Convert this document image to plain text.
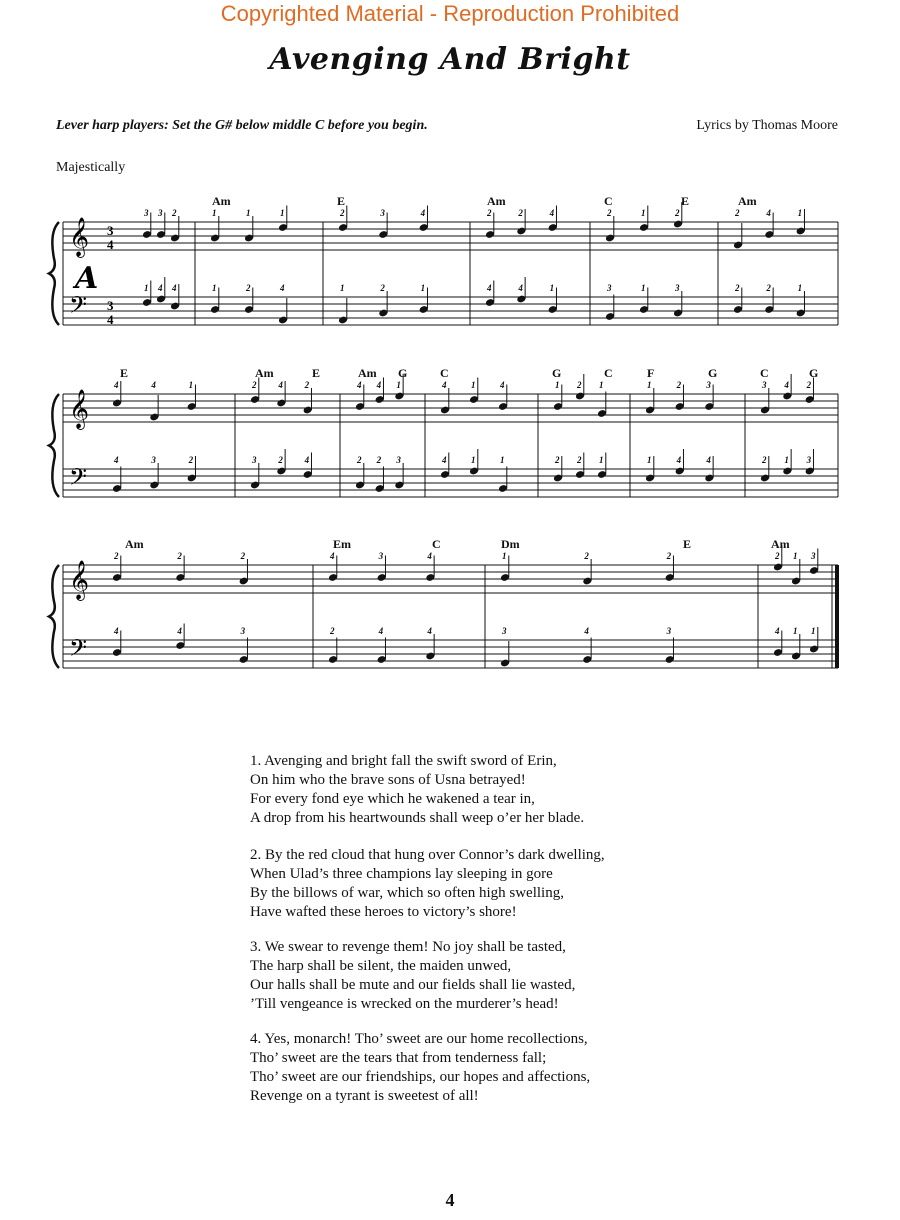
Copyrighted Material - Reproduction Prohibited
Avenging And Bright
Lever harp players: Set the G# below middle C before you begin.	Lyrics by Thomas Moore
Majestically
𝄞
𝄢
A
3
4
3
4
Am	E	Am	C	E	Am
3
1
3
4
2
4
1
1
1
2
1
4
2
1
3
2
4
1
2
4
2
4
4
1
2
3
1
1
2
3
2
2
4
2
1
1
𝄞
𝄢
E	Am	E	Am G	C	G	C	F	G	C	G
4
4
4
3
1
2
2
3
4
2
2
4
4
2
4
2
1
3
4
4
1
1
4
1
1
2
2
2
1
1
1
1
2
4
3
4
3
2
4
1
2
3
𝄞
𝄢
Am	Em	C	Dm	E	Am
2
4
2
4
2
3
4
2
3
4
4
4
1
3
2
4
2
3
2
4
1
1
3
1
1. Avenging and bright fall the swift sword of Erin,
On him who the brave sons of Usna betrayed!
For every fond eye which he wakened a tear in,
A drop from his heartwounds shall weep o’er her blade.
2. By the red cloud that hung over Connor’s dark dwelling,
When Ulad’s three champions lay sleeping in gore
By the billows of war, which so often high swelling,
Have wafted these heroes to victory’s shore!
3. We swear to revenge them! No joy shall be tasted,
The harp shall be silent, the maiden unwed,
Our halls shall be mute and our fields shall lie wasted,
’Till vengeance is wrecked on the murderer’s head!
4. Yes, monarch! Tho’ sweet are our home recollections,
Tho’ sweet are the tears that from tenderness fall;
Tho’ sweet are our friendships, our hopes and affections,
Revenge on a tyrant is sweetest of all!
4
